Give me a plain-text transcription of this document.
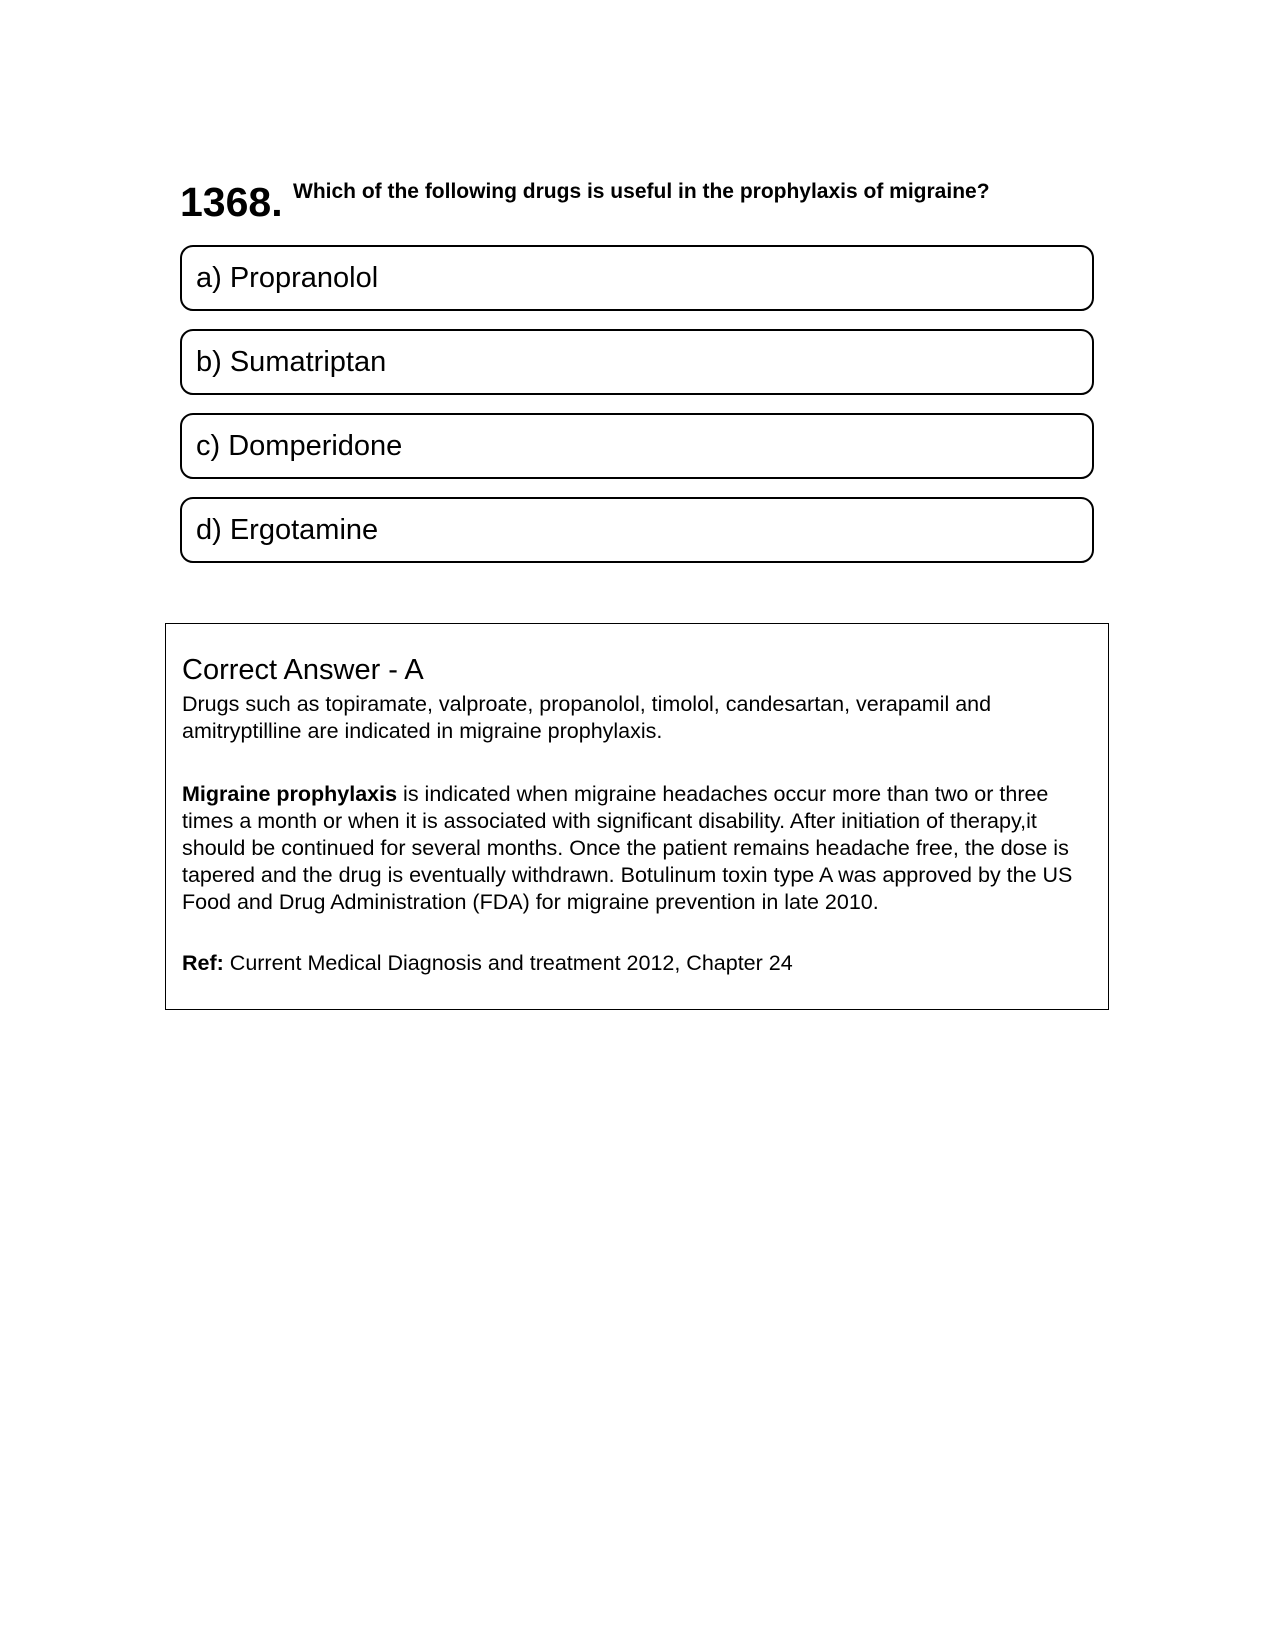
1368. Which of the following drugs is useful in the prophylaxis of migraine?
a) Propranolol
b) Sumatriptan
c) Domperidone
d) Ergotamine
Correct Answer - A

Drugs such as topiramate, valproate, propanolol, timolol, candesartan, verapamil and amitryptilline are indicated in migraine prophylaxis.

Migraine prophylaxis is indicated when migraine headaches occur more than two or three times a month or when it is associated with significant disability. After initiation of therapy,it should be continued for several months. Once the patient remains headache free, the dose is tapered and the drug is eventually withdrawn. Botulinum toxin type A was approved by the US Food and Drug Administration (FDA) for migraine prevention in late 2010.

Ref: Current Medical Diagnosis and treatment 2012, Chapter 24
